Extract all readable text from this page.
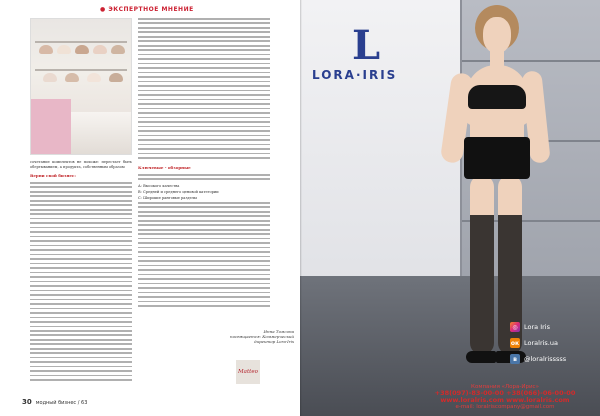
● ЭКСПЕРТНОЕ МНЕНИЕ

Ключевые - обзорные

А: Высокого качества

В: Средней и среднего ценовой категории

С: Широкие ранговые разделы

сочетание комплектов не похоже: перестает быть обертыванием, а продукта, собственным образом

Верни свой бизнес:

Инна Томсона
посвящается: Коммерческий директор Lora-Iris
Matteo
30 модный бизнес / 63
L
LORA·IRIS
◎ Lora Iris
ок Loralris.ua
в	@loralrisssss
Компания «Лора-Ирис»
+38(097)-83-00-00 +38(066)-06-00-00
www.loralris.com www.loralris.com
e-mail: loralriscompany@gmail.com
